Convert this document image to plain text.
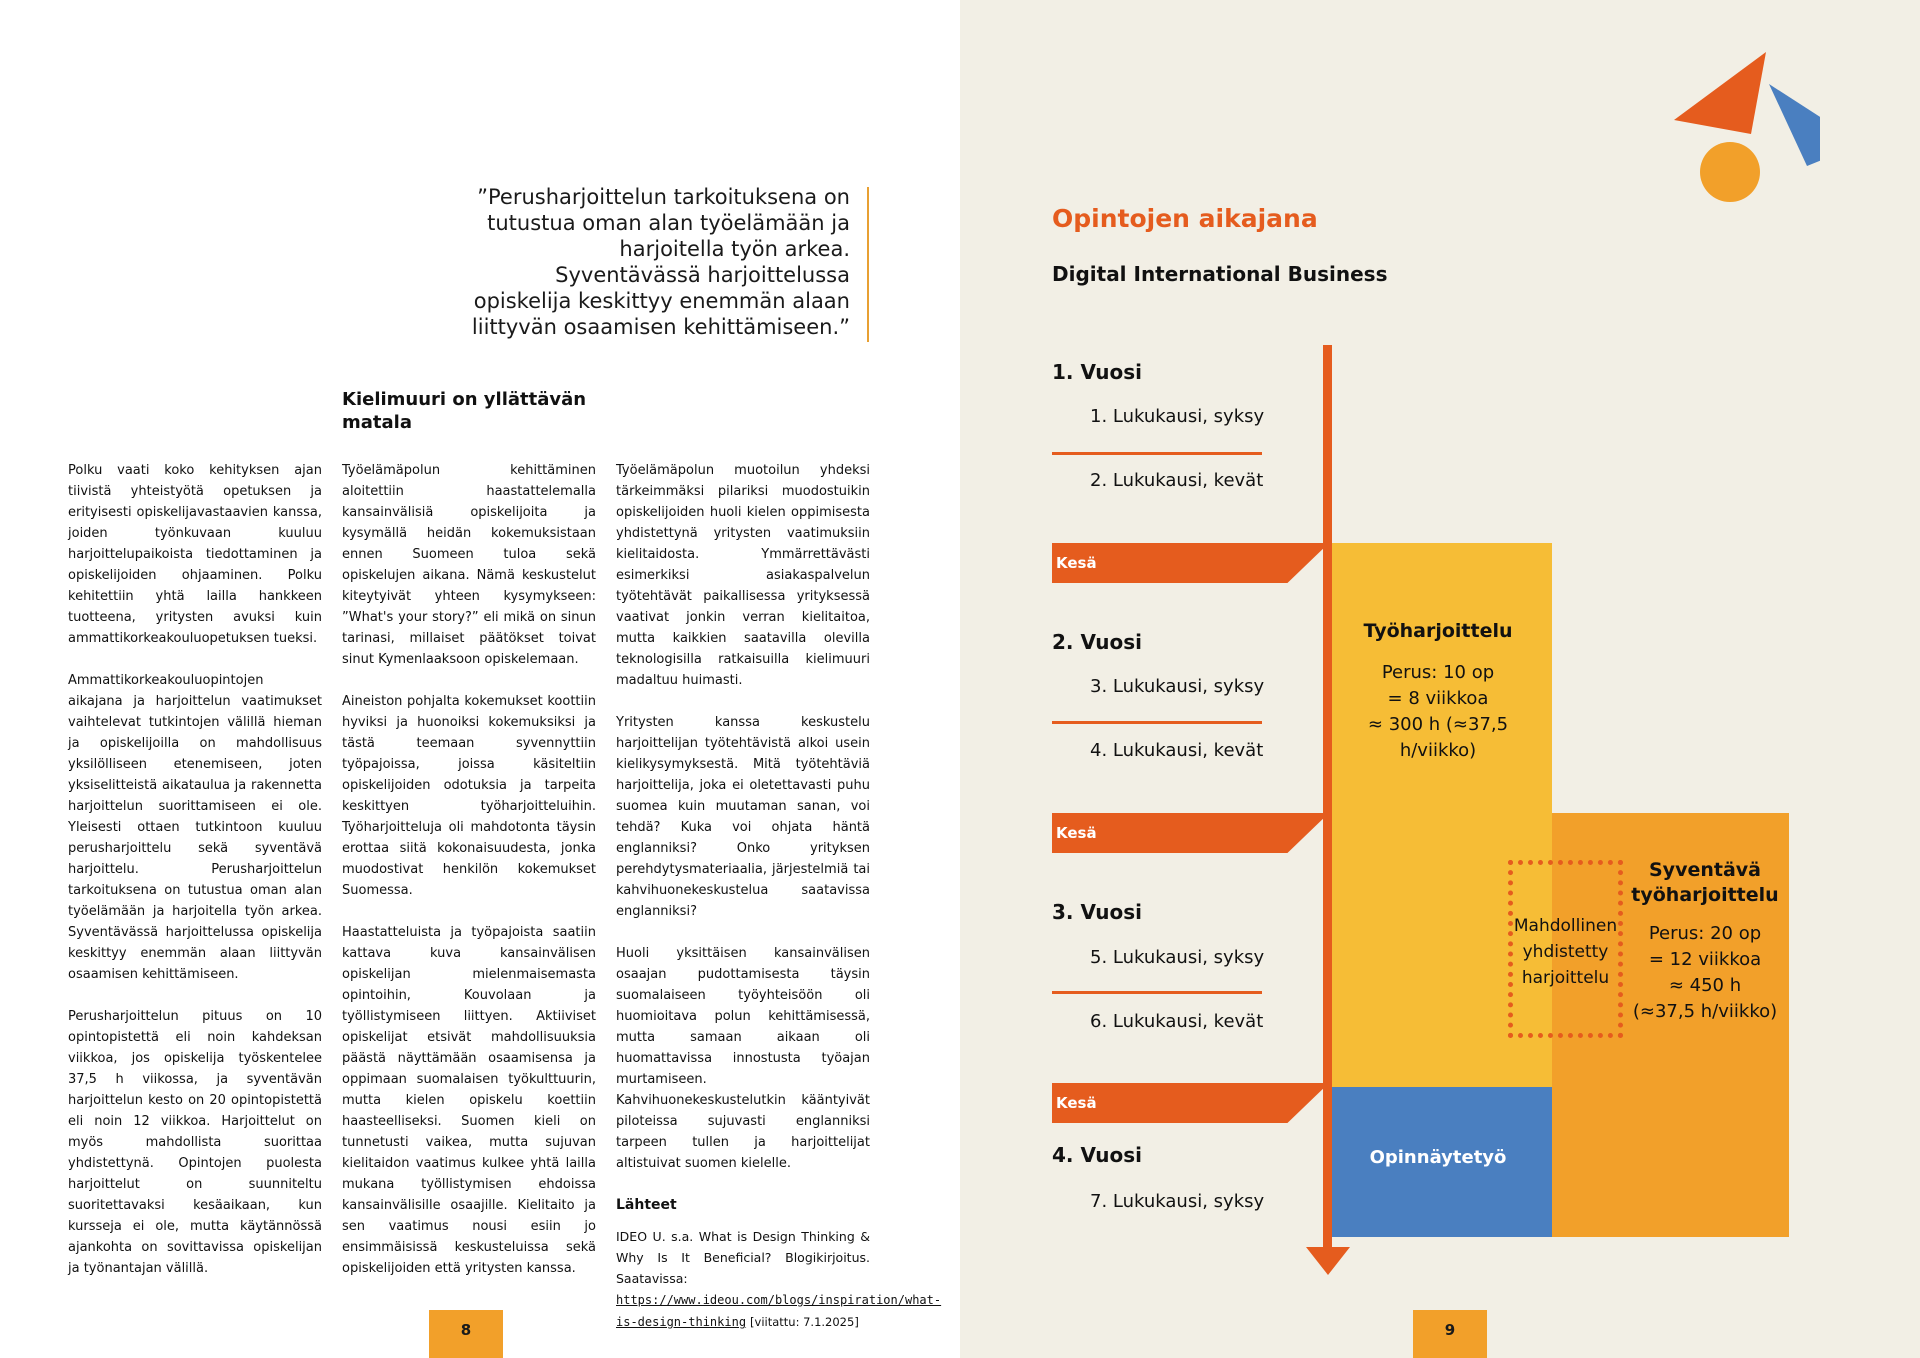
”Perusharjoittelun tarkoituksena on tutustua oman alan työelämään ja harjoitella työn arkea. Syventävässä harjoittelussa opiskelija keskittyy enemmän alaan liittyvän osaamisen kehittämiseen.”
Kielimuuri on yllättävän matala

Polku vaati koko kehityksen ajan tiivistä yhteistyötä opetuksen ja erityisesti opiskelijavastaavien kanssa, joiden työnkuvaan kuuluu harjoittelupaikoista tiedottaminen ja opiskelijoiden ohjaaminen. Polku kehitettiin yhtä lailla hankkeen tuotteena, yritysten avuksi kuin ammattikorkeakouluopetuksen tueksi.

Ammattikorkeakouluopintojen aikajana ja harjoittelun vaatimukset vaihtelevat tutkintojen välillä hieman ja opiskelijoilla on mahdollisuus yksilölliseen etenemiseen, joten yksiselitteistä aikataulua ja rakennetta harjoittelun suorittamiseen ei ole. Yleisesti ottaen tutkintoon kuuluu perusharjoittelu sekä syventävä harjoittelu. Perusharjoittelun tarkoituksena on tutustua oman alan työelämään ja harjoitella työn arkea. Syventävässä harjoittelussa opiskelija keskittyy enemmän alaan liittyvän osaamisen kehittämiseen.

Perusharjoittelun pituus on 10 opintopistettä eli noin kahdeksan viikkoa, jos opiskelija työskentelee 37,5 h viikossa, ja syventävän harjoittelun kesto on 20 opintopistettä eli noin 12 viikkoa. Harjoittelut on myös mahdollista suorittaa yhdistettynä. Opintojen puolesta harjoittelut on suunniteltu suoritettavaksi kesäaikaan, kun kursseja ei ole, mutta käytännössä ajankohta on sovittavissa opiskelijan ja työnantajan välillä.

Työelämäpolun kehittäminen aloitettiin haastattelemalla kansainvälisiä opiskelijoita ja kysymällä heidän kokemuksistaan ennen Suomeen tuloa sekä opiskelujen aikana. Nämä keskustelut kiteytyivät yhteen kysymykseen: ”What's your story?” eli mikä on sinun tarinasi, millaiset päätökset toivat sinut Kymenlaaksoon opiskelemaan.

Aineiston pohjalta kokemukset koottiin hyviksi ja huonoiksi kokemuksiksi ja tästä teemaan syvennyttiin työpajoissa, joissa käsiteltiin opiskelijoiden odotuksia ja tarpeita keskittyen työharjoitteluihin. Työharjoitteluja oli mahdotonta täysin erottaa siitä kokonaisuudesta, jonka muodostivat henkilön kokemukset Suomessa.

Haastatteluista ja työpajoista saatiin kattava kuva kansainvälisen opiskelijan mielenmaisemasta opintoihin, Kouvolaan ja työllistymiseen liittyen. Aktiiviset opiskelijat etsivät mahdollisuuksia päästä näyttämään osaamisensa ja oppimaan suomalaisen työkulttuurin, mutta kielen opiskelu koettiin haasteelliseksi. Suomen kieli on tunnetusti vaikea, mutta sujuvan kielitaidon vaatimus kulkee yhtä lailla mukana työllistymisen ehdoissa kansainvälisille osaajille. Kielitaito ja sen vaatimus nousi esiin jo ensimmäisissä keskusteluissa sekä opiskelijoiden että yritysten kanssa.

Työelämäpolun muotoilun yhdeksi tärkeimmäksi pilariksi muodostuikin opiskelijoiden huoli kielen oppimisesta yhdistettynä yritysten vaatimuksiin kielitaidosta. Ymmärrettävästi esimerkiksi asiakaspalvelun työtehtävät paikallisessa yrityksessä vaativat jonkin verran kielitaitoa, mutta kaikkien saatavilla olevilla teknologisilla ratkaisuilla kielimuuri madaltuu huimasti.

Yritysten kanssa keskustelu harjoittelijan työtehtävistä alkoi usein kielikysymyksestä. Mitä työtehtäviä harjoittelija, joka ei oletettavasti puhu suomea kuin muutaman sanan, voi tehdä? Kuka voi ohjata häntä englanniksi? Onko yrityksen perehdytysmateriaalia, järjestelmiä tai kahvihuonekeskustelua saatavissa englanniksi?

Huoli yksittäisen kansainvälisen osaajan pudottamisesta täysin suomalaiseen työyhteisöön oli huomioitava polun kehittämisessä, mutta samaan aikaan oli huomattavissa innostusta työajan murtamiseen. Kahvihuonekeskustelutkin kääntyivät piloteissa sujuvasti englanniksi tarpeen tullen ja harjoittelijat altistuivat suomen kielelle.

Lähteet

IDEO U. s.a. What is Design Thinking & Why Is It Beneficial? Blogikirjoitus. Saatavissa: https://www.ideou.com/blogs/inspiration/what-is-design-thinking [viitattu: 7.1.2025]

8
Opintojen aikajana
Digital International Business
Kesä
Kesä
Kesä
1. Vuosi
1. Lukukausi, syksy
2. Lukukausi, kevät
2. Vuosi
3. Lukukausi, syksy
4. Lukukausi, kevät
3. Vuosi
5. Lukukausi, syksy
6. Lukukausi, kevät
4. Vuosi
7. Lukukausi, syksy
Työharjoittelu
Perus: 10 op
= 8 viikkoa
≈ 300 h (≈37,5 h/viikko)
Syventävä
työharjoittelu
Perus: 20 op
= 12 viikkoa
≈ 450 h
(≈37,5 h/viikko)
Mahdollinen
yhdistetty
harjoittelu
Opinnäytetyö
9
